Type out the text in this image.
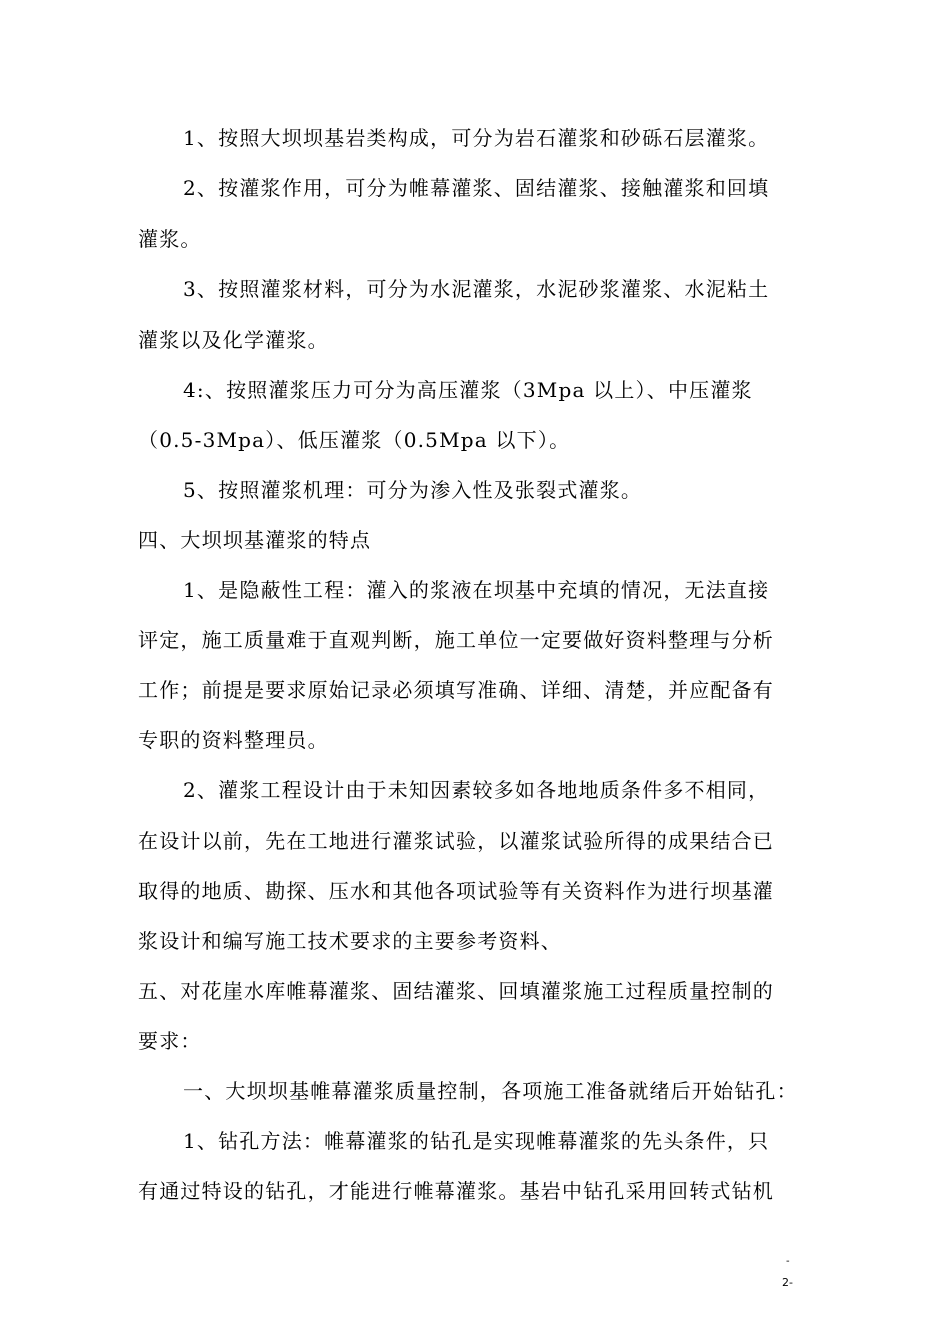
1、按照大坝坝基岩类构成，可分为岩石灌浆和砂砾石层灌浆。
2、按灌浆作用，可分为帷幕灌浆、固结灌浆、接触灌浆和回填
灌浆。
3、按照灌浆材料，可分为水泥灌浆，水泥砂浆灌浆、水泥粘土
灌浆以及化学灌浆。
4:、按照灌浆压力可分为高压灌浆（3Mpa 以上）、中压灌浆
（0.5-3Mpa）、低压灌浆（0.5Mpa 以下）。
5、按照灌浆机理：可分为渗入性及张裂式灌浆。
四、大坝坝基灌浆的特点
1、是隐蔽性工程：灌入的浆液在坝基中充填的情况，无法直接
评定，施工质量难于直观判断，施工单位一定要做好资料整理与分析
工作；前提是要求原始记录必须填写准确、详细、清楚，并应配备有
专职的资料整理员。
2、灌浆工程设计由于未知因素较多如各地地质条件多不相同，
在设计以前，先在工地进行灌浆试验，以灌浆试验所得的成果结合已
取得的地质、勘探、压水和其他各项试验等有关资料作为进行坝基灌
浆设计和编写施工技术要求的主要参考资料、
五、对花崖水库帷幕灌浆、固结灌浆、回填灌浆施工过程质量控制的
要求：
一、大坝坝基帷幕灌浆质量控制，各项施工准备就绪后开始钻孔：
1、钻孔方法：帷幕灌浆的钻孔是实现帷幕灌浆的先头条件，只
有通过特设的钻孔，才能进行帷幕灌浆。基岩中钻孔采用回转式钻机
-
2-
